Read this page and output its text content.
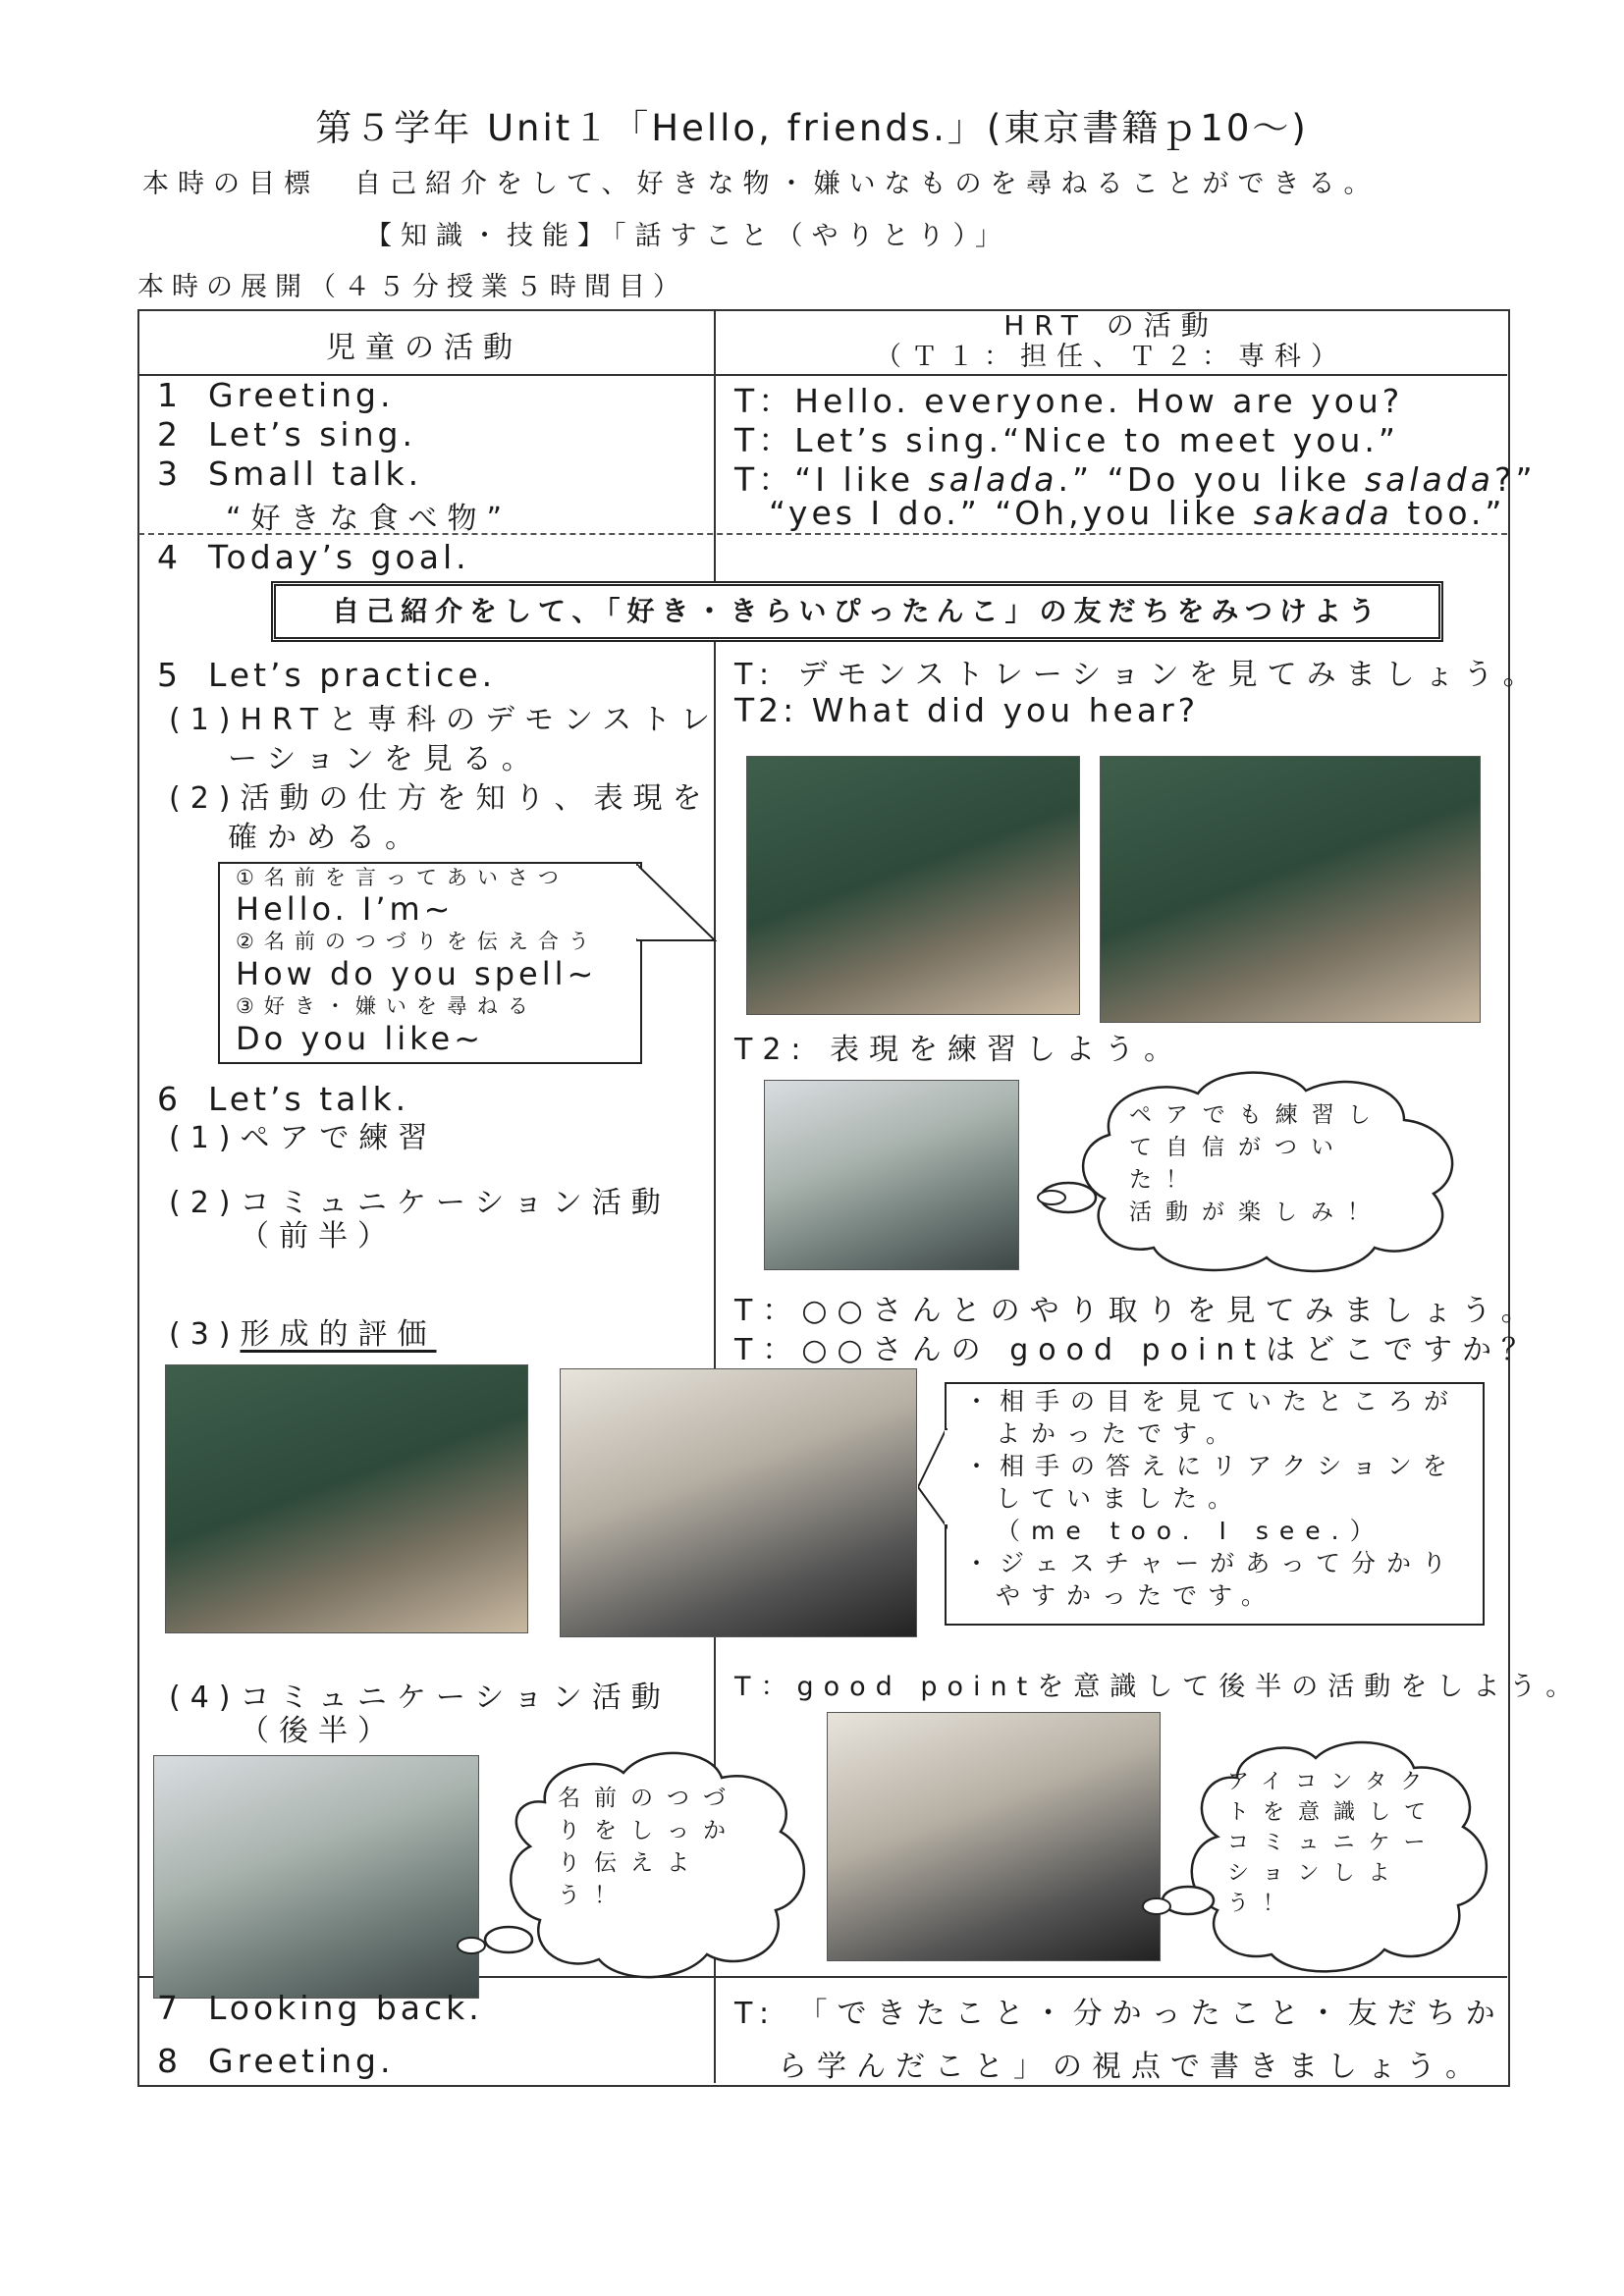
第５学年 Unit１「Hello, friends.」(東京書籍ｐ10～)
本時の目標　 自己紹介をして、好きな物・嫌いなものを尋ねることができる。
【知識・技能】「話すこと（やりとり）」
本時の展開（４５分授業５時間目）
児童の活動
HRT の活動
（Ｔ１：担任、Ｔ２：専科）
1 Greeting.
2 Let’s sing.
3 Small talk.
“好きな食べ物”
T：Hello. everyone. How are you?
T：Let’s sing.“Nice to meet you.”
T：“I like salada.” “Do you like salada?”
“yes I do.” “Oh,you like sakada too.”
4 Today’s goal.
自己紹介をして、「好き・きらいぴったんこ」の友だちをみつけよう
5 Let’s practice.
(1)HRTと専科のデモンストレ
ーションを見る。
(2)活動の仕方を知り、表現を
確かめる。
①名前を言ってあいさつ
Hello. I’m~
②名前のつづりを伝え合う
How do you spell~
③好き・嫌いを尋ねる
Do you like~
T: デモンストレーションを見てみましょう。
T2: What did you hear?
T2: 表現を練習しよう。
6 Let’s talk.
(1)ペアで練習
(2)コミュニケーション活動
（前半）
(3)形成的評価
ペアでも練習し
て自信がつい
た！
活動が楽しみ！
T：○○さんとのやり取りを見てみましょう。
T：○○さんの good pointはどこですか？
・相手の目を見ていたところが
よかったです。
・相手の答えにリアクションを
していました。
（me too. I see.）
・ジェスチャーがあって分かり
やすかったです。
(4)コミュニケーション活動
（後半）
T：good pointを意識して後半の活動をしよう。
名前のつづ
りをしっか
り伝えよ
う！
アイコンタク
トを意識して
コミュニケー
ションしよ
う！
7 Looking back.
8 Greeting.
T: 「できたこと・分かったこと・友だちか
ら学んだこと」の視点で書きましょう。
